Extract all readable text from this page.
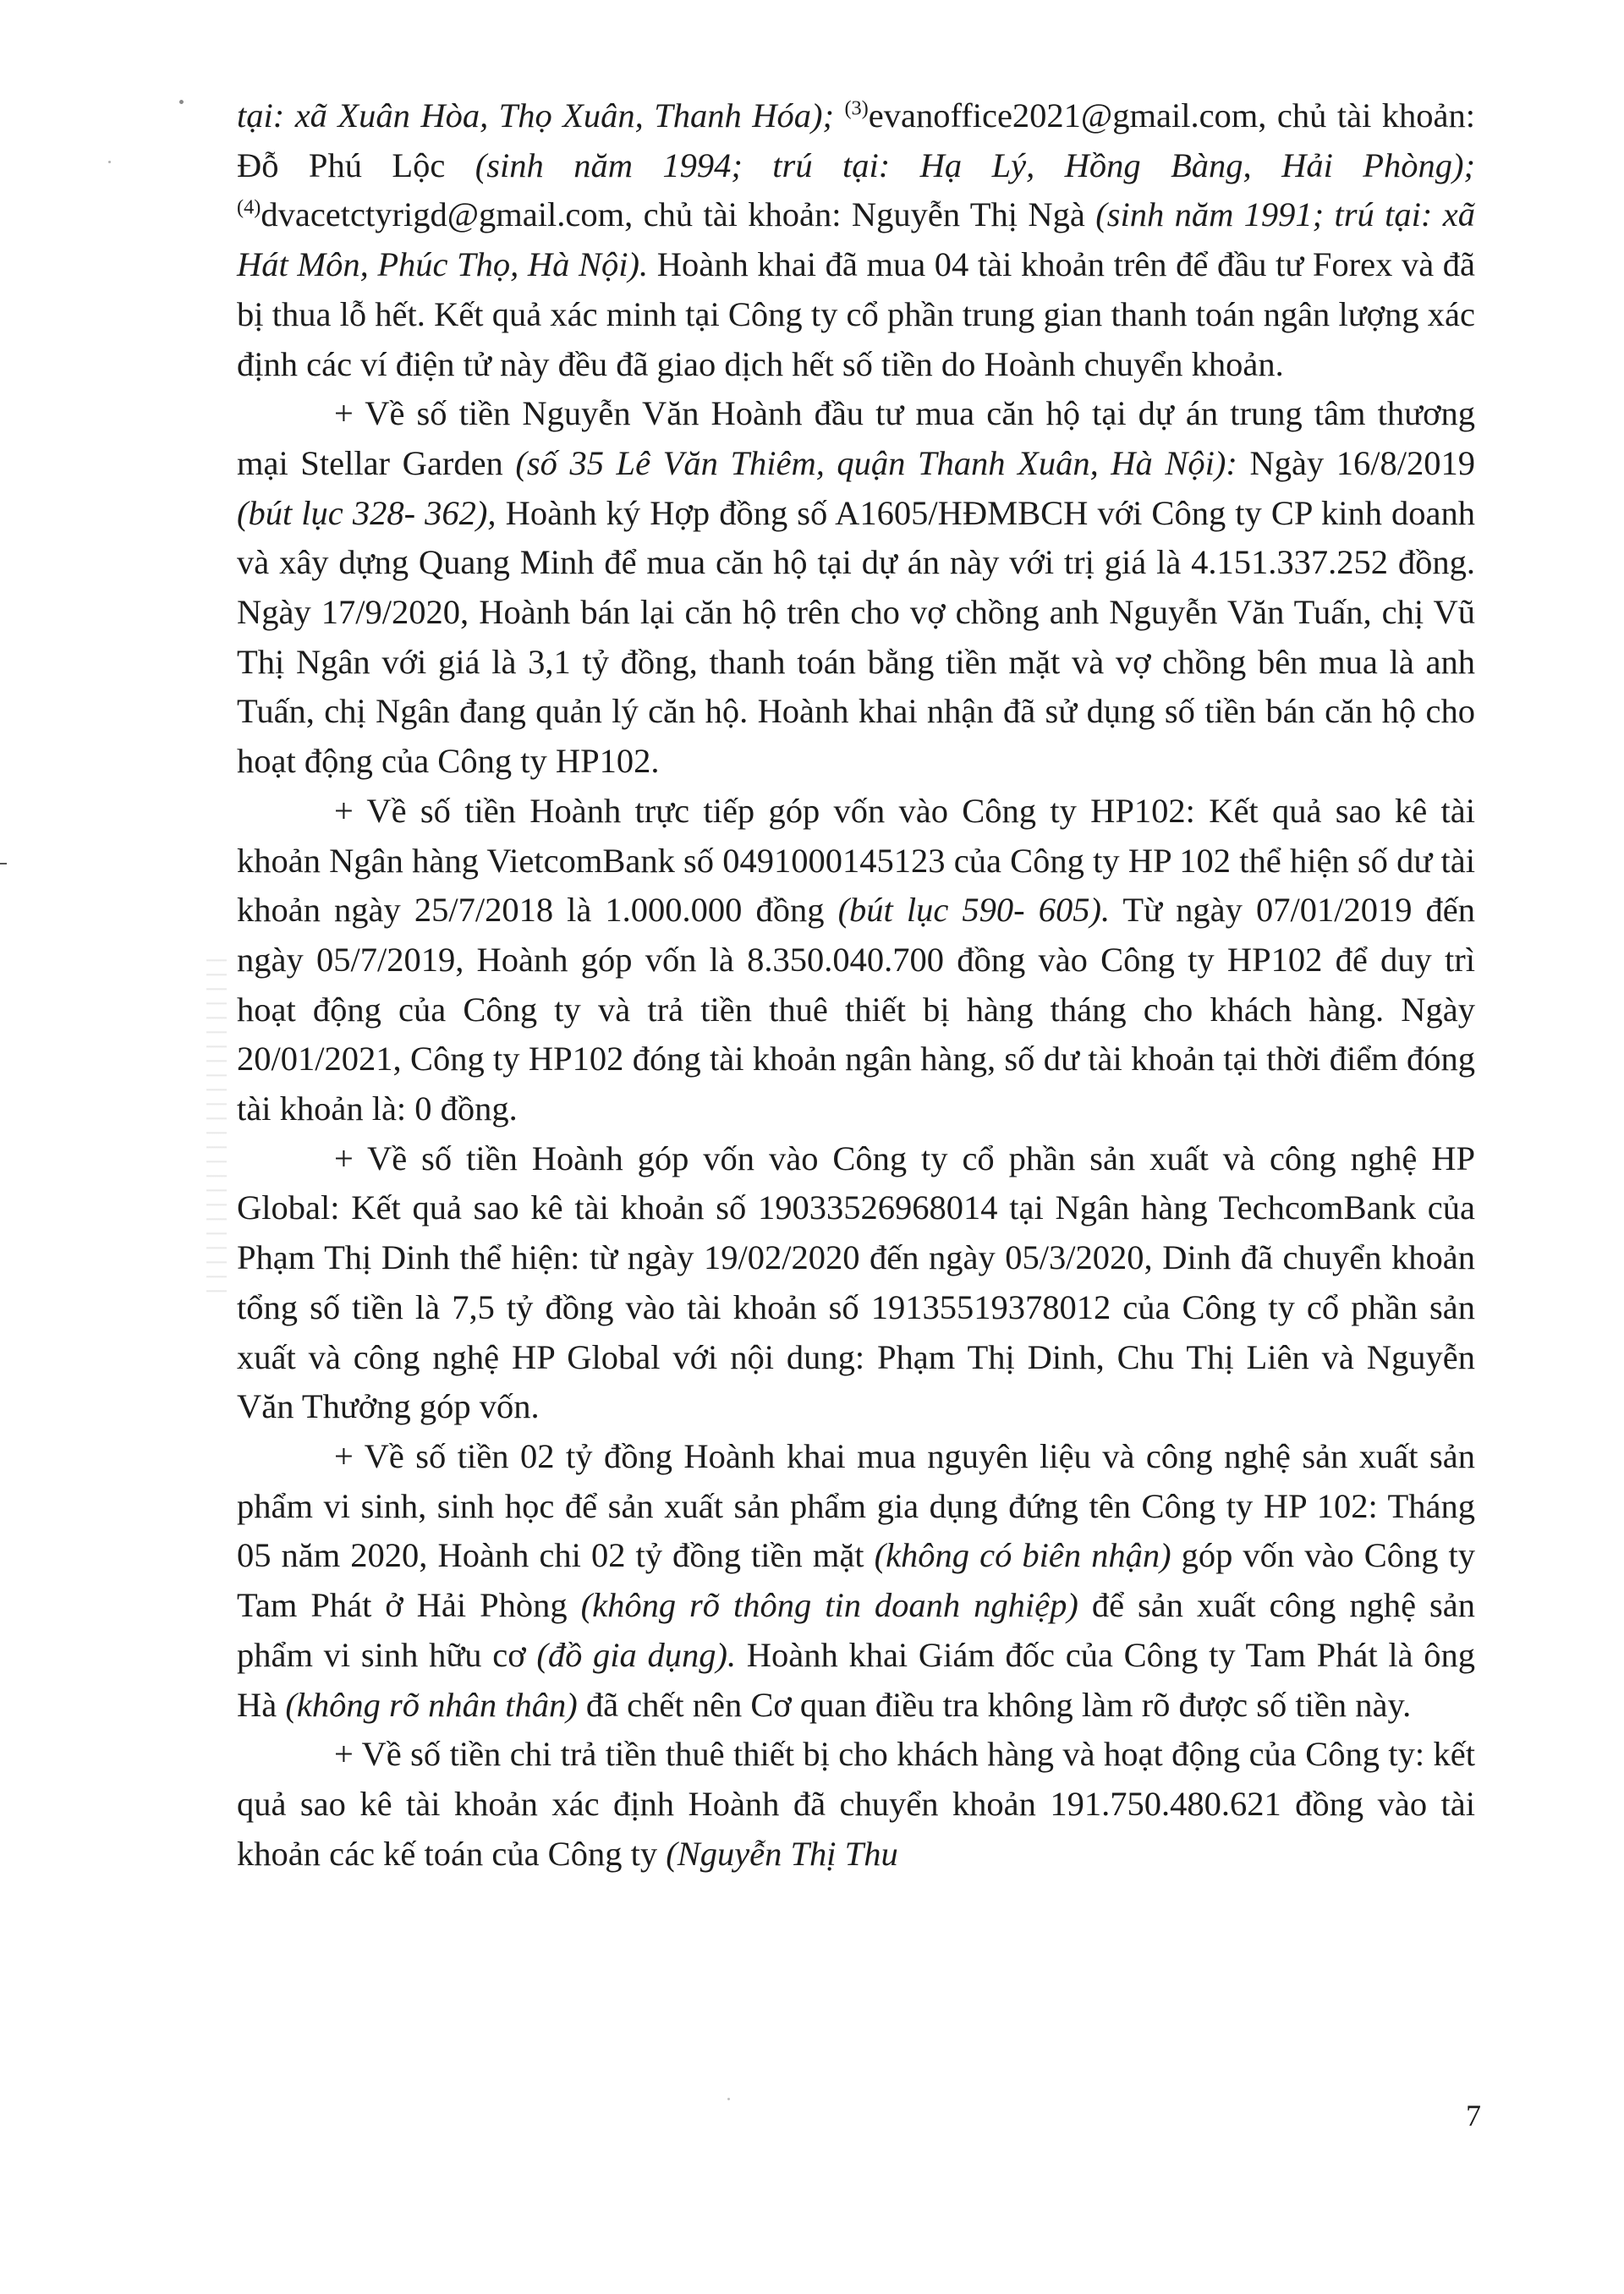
tại: xã Xuân Hòa, Thọ Xuân, Thanh Hóa); $^{(3)}$evanoffice2021@gmail.com, chủ tài khoản: Đỗ Phú Lộc (sinh năm 1994; trú tại: Hạ Lý, Hồng Bàng, Hải Phòng); $^{(4)}$dvacetctyrigd@gmail.com, chủ tài khoản: Nguyễn Thị Ngà (sinh năm 1991; trú tại: xã Hát Môn, Phúc Thọ, Hà Nội). Hoành khai đã mua 04 tài khoản trên để đầu tư Forex và đã bị thua lỗ hết. Kết quả xác minh tại Công ty cổ phần trung gian thanh toán ngân lượng xác định các ví điện tử này đều đã giao dịch hết số tiền do Hoành chuyển khoản.

+ Về số tiền Nguyễn Văn Hoành đầu tư mua căn hộ tại dự án trung tâm thương mại Stellar Garden (số 35 Lê Văn Thiêm, quận Thanh Xuân, Hà Nội): Ngày 16/8/2019 (bút lục 328- 362), Hoành ký Hợp đồng số A1605/HĐMBCH với Công ty CP kinh doanh và xây dựng Quang Minh để mua căn hộ tại dự án này với trị giá là 4.151.337.252 đồng. Ngày 17/9/2020, Hoành bán lại căn hộ trên cho vợ chồng anh Nguyễn Văn Tuấn, chị Vũ Thị Ngân với giá là 3,1 tỷ đồng, thanh toán bằng tiền mặt và vợ chồng bên mua là anh Tuấn, chị Ngân đang quản lý căn hộ. Hoành khai nhận đã sử dụng số tiền bán căn hộ cho hoạt động của Công ty HP102.

+ Về số tiền Hoành trực tiếp góp vốn vào Công ty HP102: Kết quả sao kê tài khoản Ngân hàng VietcomBank số 0491000145123 của Công ty HP 102 thể hiện số dư tài khoản ngày 25/7/2018 là 1.000.000 đồng (bút lục 590- 605). Từ ngày 07/01/2019 đến ngày 05/7/2019, Hoành góp vốn là 8.350.040.700 đồng vào Công ty HP102 để duy trì hoạt động của Công ty và trả tiền thuê thiết bị hàng tháng cho khách hàng. Ngày 20/01/2021, Công ty HP102 đóng tài khoản ngân hàng, số dư tài khoản tại thời điểm đóng tài khoản là: 0 đồng.

+ Về số tiền Hoành góp vốn vào Công ty cổ phần sản xuất và công nghệ HP Global: Kết quả sao kê tài khoản số 19033526968014 tại Ngân hàng TechcomBank của Phạm Thị Dinh thể hiện: từ ngày 19/02/2020 đến ngày 05/3/2020, Dinh đã chuyển khoản tổng số tiền là 7,5 tỷ đồng vào tài khoản số 19135519378012 của Công ty cổ phần sản xuất và công nghệ HP Global với nội dung: Phạm Thị Dinh, Chu Thị Liên và Nguyễn Văn Thưởng góp vốn.

+ Về số tiền 02 tỷ đồng Hoành khai mua nguyên liệu và công nghệ sản xuất sản phẩm vi sinh, sinh học để sản xuất sản phẩm gia dụng đứng tên Công ty HP 102: Tháng 05 năm 2020, Hoành chi 02 tỷ đồng tiền mặt (không có biên nhận) góp vốn vào Công ty Tam Phát ở Hải Phòng (không rõ thông tin doanh nghiệp) để sản xuất công nghệ sản phẩm vi sinh hữu cơ (đồ gia dụng). Hoành khai Giám đốc của Công ty Tam Phát là ông Hà (không rõ nhân thân) đã chết nên Cơ quan điều tra không làm rõ được số tiền này.

+ Về số tiền chi trả tiền thuê thiết bị cho khách hàng và hoạt động của Công ty: kết quả sao kê tài khoản xác định Hoành đã chuyển khoản 191.750.480.621 đồng vào tài khoản các kế toán của Công ty (Nguyễn Thị Thu

7
